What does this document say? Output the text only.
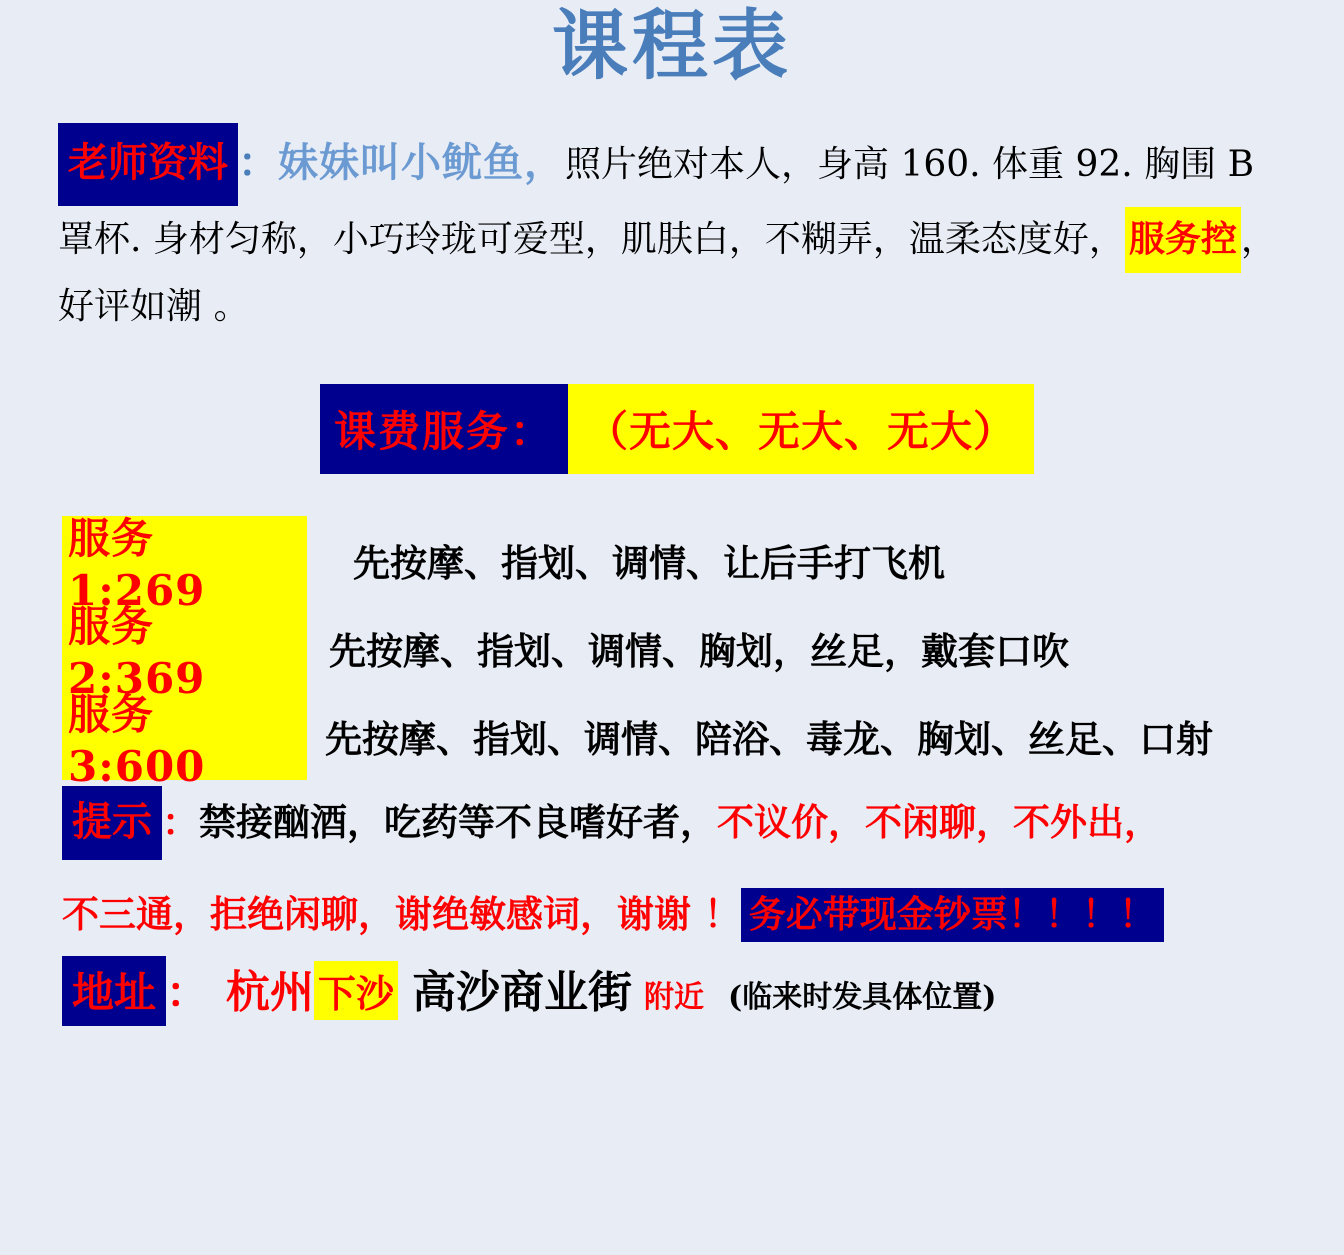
课程表
老师资料 ：妹妹叫小鱿鱼，照片绝对本人，身高 160. 体重 92. 胸围 B 罩杯. 身材匀称，小巧玲珑可爱型，肌肤白，不糊弄，温柔态度好， 服务控 ，好评如潮 。
课费服务： （无大、无大、无大）
服务 1:269
先按摩、指划、调情、让后手打飞机
服务 2:369
先按摩、指划、调情、胸划，丝足，戴套口吹
服务 3:600
先按摩、指划、调情、陪浴、毒龙、胸划、丝足、口射
提示 ：禁接酗酒，吃药等不良嗜好者，不议价，不闲聊，不外出，
不三通，拒绝闲聊，谢绝敏感词，谢谢 ！ 务必带现金钞票！！！！
地址 ： 杭州 下沙 高沙商业街 附近 (临来时发具体位置)
